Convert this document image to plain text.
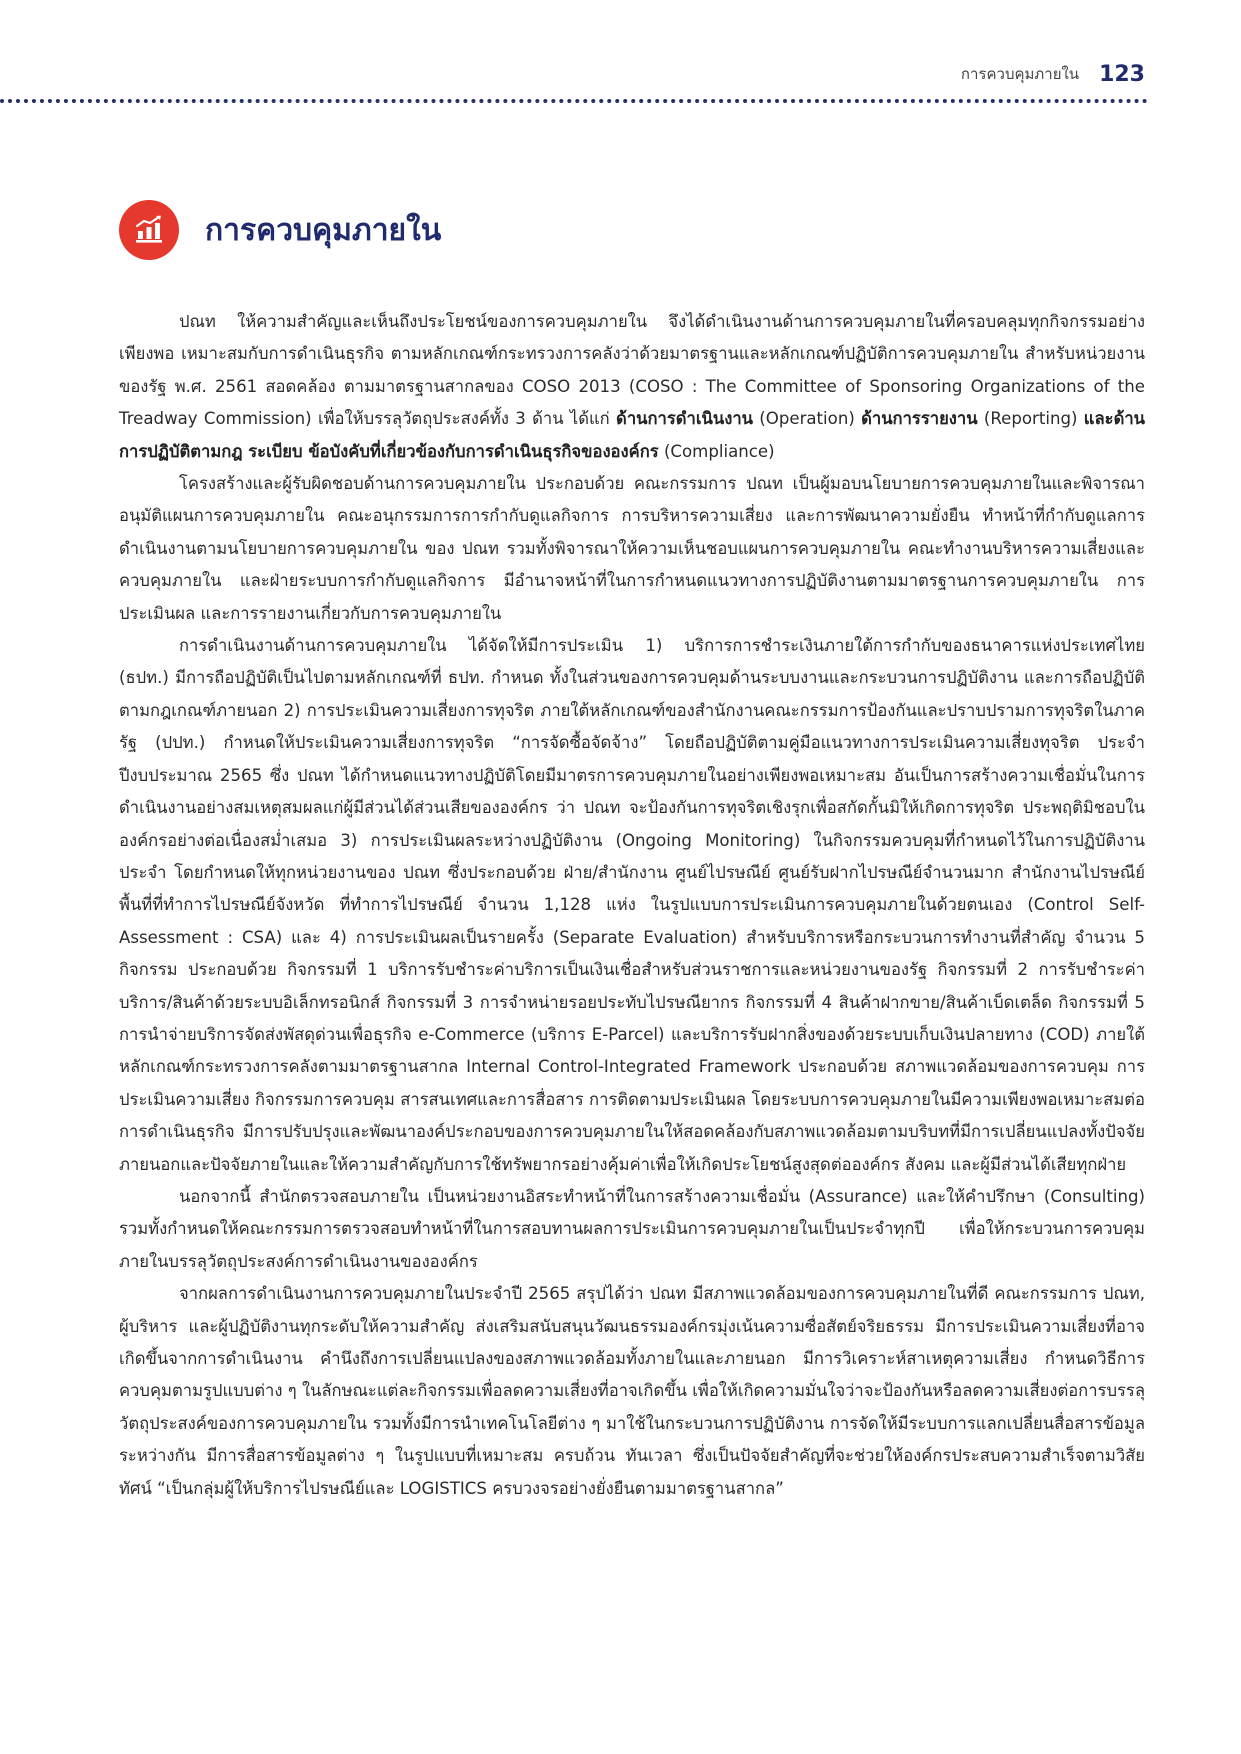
การควบคุมภายใน 123
การควบคุมภายใน

ปณท ให้ความสำคัญและเห็นถึงประโยชน์ของการควบคุมภายใน จึงได้ดำเนินงานด้านการควบคุมภายในที่ครอบคลุมทุกกิจกรรมอย่างเพียงพอ เหมาะสมกับการดำเนินธุรกิจ ตามหลักเกณฑ์กระทรวงการคลังว่าด้วยมาตรฐานและหลักเกณฑ์ปฏิบัติการควบคุมภายใน สำหรับหน่วยงานของรัฐ พ.ศ. 2561 สอดคล้อง ตามมาตรฐานสากลของ COSO 2013 (COSO : The Committee of Sponsoring Organizations of the Treadway Commission) เพื่อให้บรรลุวัตถุประสงค์ทั้ง 3 ด้าน ได้แก่ ด้านการดำเนินงาน (Operation) ด้านการรายงาน (Reporting) และด้านการปฏิบัติตามกฎ ระเบียบ ข้อบังคับที่เกี่ยวข้องกับการดำเนินธุรกิจขององค์กร (Compliance)

โครงสร้างและผู้รับผิดชอบด้านการควบคุมภายใน ประกอบด้วย คณะกรรมการ ปณท เป็นผู้มอบนโยบายการควบคุมภายในและพิจารณาอนุมัติแผนการควบคุมภายใน คณะอนุกรรมการการกำกับดูแลกิจการ การบริหารความเสี่ยง และการพัฒนาความยั่งยืน ทำหน้าที่กำกับดูแลการดำเนินงานตามนโยบายการควบคุมภายใน ของ ปณท รวมทั้งพิจารณาให้ความเห็นชอบแผนการควบคุมภายใน คณะทำงานบริหารความเสี่ยงและควบคุมภายใน และฝ่ายระบบการกำกับดูแลกิจการ มีอำนาจหน้าที่ในการกำหนดแนวทางการปฏิบัติงานตามมาตรฐานการควบคุมภายใน การประเมินผล และการรายงานเกี่ยวกับการควบคุมภายใน

การดำเนินงานด้านการควบคุมภายใน ได้จัดให้มีการประเมิน 1) บริการการชำระเงินภายใต้การกำกับของธนาคารแห่งประเทศไทย (ธปท.) มีการถือปฏิบัติเป็นไปตามหลักเกณฑ์ที่ ธปท. กำหนด ทั้งในส่วนของการควบคุมด้านระบบงานและกระบวนการปฏิบัติงาน และการถือปฏิบัติตามกฎเกณฑ์ภายนอก 2) การประเมินความเสี่ยงการทุจริต ภายใต้หลักเกณฑ์ของสำนักงานคณะกรรมการป้องกันและปราบปรามการทุจริตในภาครัฐ (ปปท.) กำหนดให้ประเมินความเสี่ยงการทุจริต “การจัดซื้อจัดจ้าง” โดยถือปฏิบัติตามคู่มือแนวทางการประเมินความเสี่ยงทุจริต ประจำปีงบประมาณ 2565 ซึ่ง ปณท ได้กำหนดแนวทางปฏิบัติโดยมีมาตรการควบคุมภายในอย่างเพียงพอเหมาะสม อันเป็นการสร้างความเชื่อมั่นในการดำเนินงานอย่างสมเหตุสมผลแก่ผู้มีส่วนได้ส่วนเสียขององค์กร ว่า ปณท จะป้องกันการทุจริตเชิงรุกเพื่อสกัดกั้นมิให้เกิดการทุจริต ประพฤติมิชอบในองค์กรอย่างต่อเนื่องสม่ำเสมอ 3) การประเมินผลระหว่างปฏิบัติงาน (Ongoing Monitoring) ในกิจกรรมควบคุมที่กำหนดไว้ในการปฏิบัติงานประจำ โดยกำหนดให้ทุกหน่วยงานของ ปณท ซึ่งประกอบด้วย ฝ่าย/สำนักงาน ศูนย์ไปรษณีย์ ศูนย์รับฝากไปรษณีย์จำนวนมาก สำนักงานไปรษณีย์พื้นที่ที่ทำการไปรษณีย์จังหวัด ที่ทำการไปรษณีย์ จำนวน 1,128 แห่ง ในรูปแบบการประเมินการควบคุมภายในด้วยตนเอง (Control Self-Assessment : CSA) และ 4) การประเมินผลเป็นรายครั้ง (Separate Evaluation) สำหรับบริการหรือกระบวนการทำงานที่สำคัญ จำนวน 5 กิจกรรม ประกอบด้วย กิจกรรมที่ 1 บริการรับชำระค่าบริการเป็นเงินเชื่อสำหรับส่วนราชการและหน่วยงานของรัฐ กิจกรรมที่ 2 การรับชำระค่าบริการ/สินค้าด้วยระบบอิเล็กทรอนิกส์ กิจกรรมที่ 3 การจำหน่ายรอยประทับไปรษณียากร กิจกรรมที่ 4 สินค้าฝากขาย/สินค้าเบ็ดเตล็ด กิจกรรมที่ 5 การนำจ่ายบริการจัดส่งพัสดุด่วนเพื่อธุรกิจ e-Commerce (บริการ E-Parcel) และบริการรับฝากสิ่งของด้วยระบบเก็บเงินปลายทาง (COD) ภายใต้หลักเกณฑ์กระทรวงการคลังตามมาตรฐานสากล Internal Control-Integrated Framework ประกอบด้วย สภาพแวดล้อมของการควบคุม การประเมินความเสี่ยง กิจกรรมการควบคุม สารสนเทศและการสื่อสาร การติดตามประเมินผล โดยระบบการควบคุมภายในมีความเพียงพอเหมาะสมต่อการดำเนินธุรกิจ มีการปรับปรุงและพัฒนาองค์ประกอบของการควบคุมภายในให้สอดคล้องกับสภาพแวดล้อมตามบริบทที่มีการเปลี่ยนแปลงทั้งปัจจัยภายนอกและปัจจัยภายในและให้ความสำคัญกับการใช้ทรัพยากรอย่างคุ้มค่าเพื่อให้เกิดประโยชน์สูงสุดต่อองค์กร สังคม และผู้มีส่วนได้เสียทุกฝ่าย

นอกจากนี้ สำนักตรวจสอบภายใน เป็นหน่วยงานอิสระทำหน้าที่ในการสร้างความเชื่อมั่น (Assurance) และให้คำปรึกษา (Consulting) รวมทั้งกำหนดให้คณะกรรมการตรวจสอบทำหน้าที่ในการสอบทานผลการประเมินการควบคุมภายในเป็นประจำทุกปี เพื่อให้กระบวนการควบคุมภายในบรรลุวัตถุประสงค์การดำเนินงานขององค์กร

จากผลการดำเนินงานการควบคุมภายในประจำปี 2565 สรุปได้ว่า ปณท มีสภาพแวดล้อมของการควบคุมภายในที่ดี คณะกรรมการ ปณท, ผู้บริหาร และผู้ปฏิบัติงานทุกระดับให้ความสำคัญ ส่งเสริมสนับสนุนวัฒนธรรมองค์กรมุ่งเน้นความซื่อสัตย์จริยธรรม มีการประเมินความเสี่ยงที่อาจเกิดขึ้นจากการดำเนินงาน คำนึงถึงการเปลี่ยนแปลงของสภาพแวดล้อมทั้งภายในและภายนอก มีการวิเคราะห์สาเหตุความเสี่ยง กำหนดวิธีการควบคุมตามรูปแบบต่าง ๆ ในลักษณะแต่ละกิจกรรมเพื่อลดความเสี่ยงที่อาจเกิดขึ้น เพื่อให้เกิดความมั่นใจว่าจะป้องกันหรือลดความเสี่ยงต่อการบรรลุวัตถุประสงค์ของการควบคุมภายใน รวมทั้งมีการนำเทคโนโลยีต่าง ๆ มาใช้ในกระบวนการปฏิบัติงาน การจัดให้มีระบบการแลกเปลี่ยนสื่อสารข้อมูลระหว่างกัน มีการสื่อสารข้อมูลต่าง ๆ ในรูปแบบที่เหมาะสม ครบถ้วน ทันเวลา ซึ่งเป็นปัจจัยสำคัญที่จะช่วยให้องค์กรประสบความสำเร็จตามวิสัยทัศน์ “เป็นกลุ่มผู้ให้บริการไปรษณีย์และ LOGISTICS ครบวงจรอย่างยั่งยืนตามมาตรฐานสากล”
